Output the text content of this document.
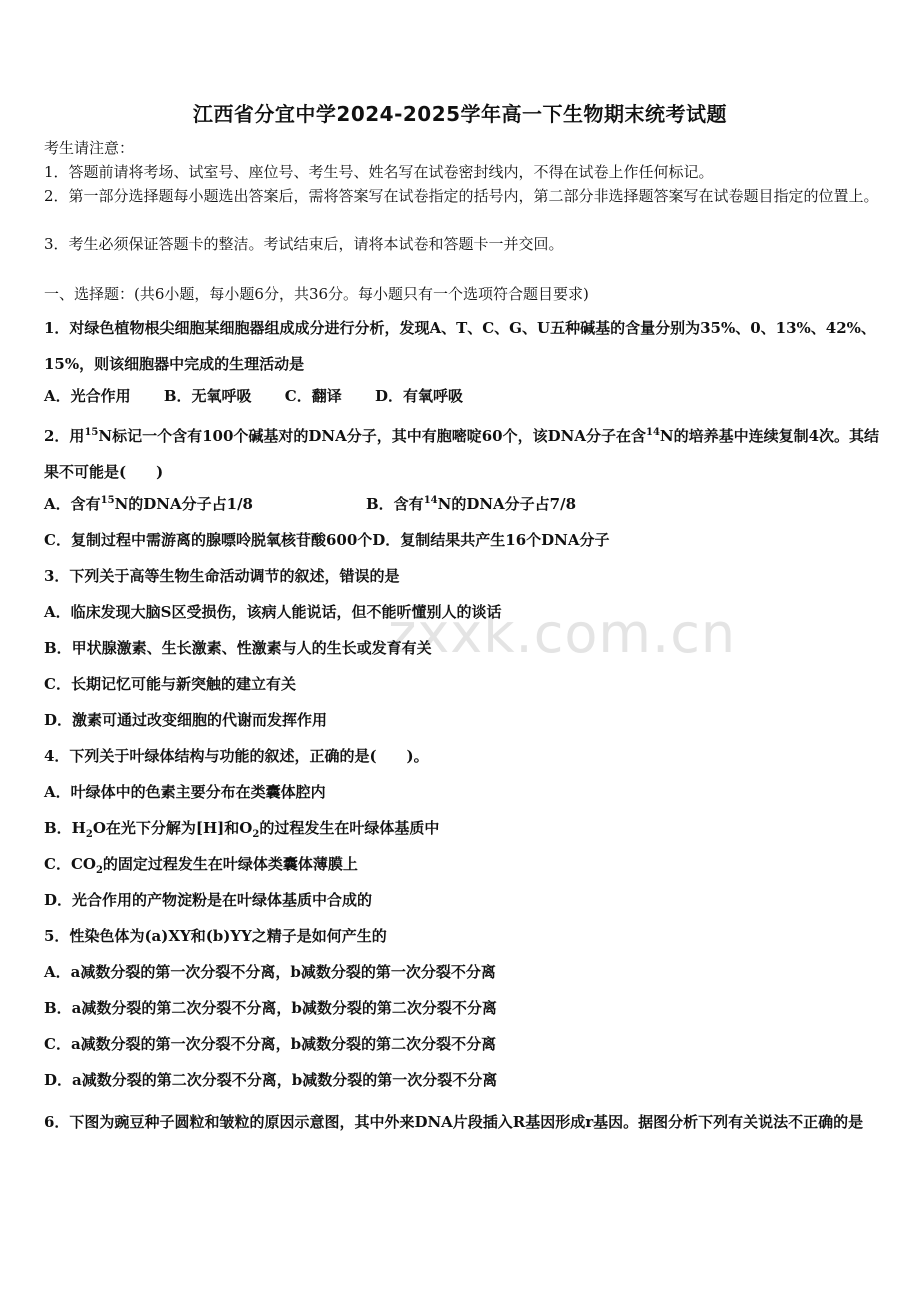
zxxk.com.cn
江西省分宜中学2024-2025学年高一下生物期末统考试题
考生请注意：
1．答题前请将考场、试室号、座位号、考生号、姓名写在试卷密封线内，不得在试卷上作任何标记。
2．第一部分选择题每小题选出答案后，需将答案写在试卷指定的括号内，第二部分非选择题答案写在试卷题目指定的位置上。
3．考生必须保证答题卡的整洁。考试结束后，请将本试卷和答题卡一并交回。
一、选择题：(共6小题，每小题6分，共36分。每小题只有一个选项符合题目要求)
1．对绿色植物根尖细胞某细胞器组成成分进行分析，发现A、T、C、G、U五种碱基的含量分别为35%、0、13%、42%、15%，则该细胞器中完成的生理活动是
A．光合作用 B．无氧呼吸 C．翻译 D．有氧呼吸
2．用$^{15}$N标记一个含有100个碱基对的DNA分子，其中有胞嘧啶60个，该DNA分子在含$^{14}$N的培养基中连续复制4次。其结果不可能是(　　)
A．含有$^{15}$N的DNA分子占1/8	B．含有$^{14}$N的DNA分子占7/8
C．复制过程中需游离的腺嘌呤脱氧核苷酸600个D．复制结果共产生16个DNA分子
3．下列关于高等生物生命活动调节的叙述，错误的是
A．临床发现大脑S区受损伤，该病人能说话，但不能听懂别人的谈话
B．甲状腺激素、生长激素、性激素与人的生长或发育有关
C．长期记忆可能与新突触的建立有关
D．激素可通过改变细胞的代谢而发挥作用
4．下列关于叶绿体结构与功能的叙述，正确的是(　　)。
A．叶绿体中的色素主要分布在类囊体腔内
B．$H_2O$在光下分解为[H]和$O_2$的过程发生在叶绿体基质中
C．$CO_2$的固定过程发生在叶绿体类囊体薄膜上
D．光合作用的产物淀粉是在叶绿体基质中合成的
5．性染色体为(a)XY和(b)YY之精子是如何产生的
A．a减数分裂的第一次分裂不分离，b减数分裂的第一次分裂不分离
B．a减数分裂的第二次分裂不分离，b减数分裂的第二次分裂不分离
C．a减数分裂的第一次分裂不分离，b减数分裂的第二次分裂不分离
D．a减数分裂的第二次分裂不分离，b减数分裂的第一次分裂不分离
6．下图为豌豆种子圆粒和皱粒的原因示意图，其中外来DNA片段插入R基因形成r基因。据图分析下列有关说法不正确的是
